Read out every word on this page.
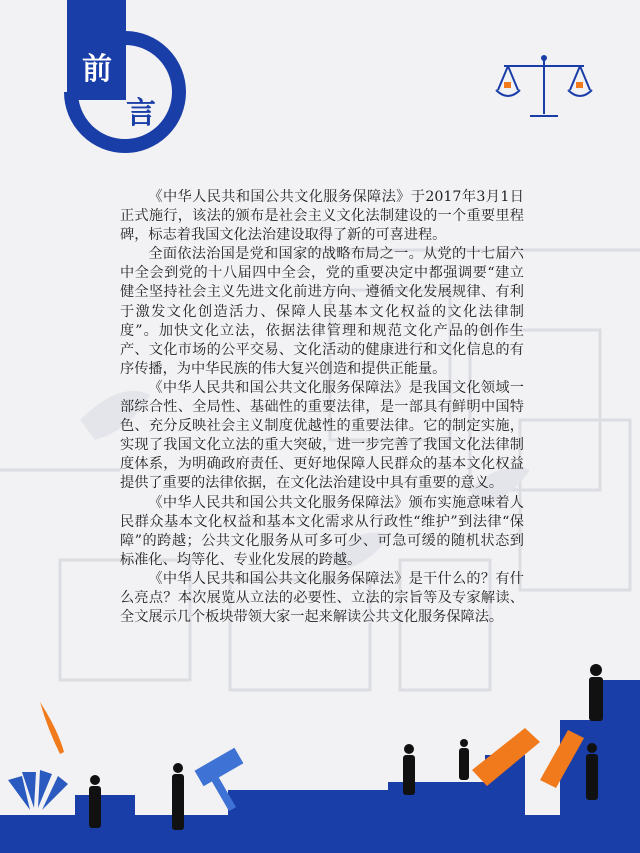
前
言

《中华人民共和国公共文化服务保障法》于2017年3月1日正式施行，该法的颁布是社会主义文化法制建设的一个重要里程碑，标志着我国文化法治建设取得了新的可喜进程。

全面依法治国是党和国家的战略布局之一。从党的十七届六中全会到党的十八届四中全会，党的重要决定中都强调要“建立健全坚持社会主义先进文化前进方向、遵循文化发展规律、有利于激发文化创造活力、保障人民基本文化权益的文化法律制度”。加快文化立法，依据法律管理和规范文化产品的创作生产、文化市场的公平交易、文化活动的健康进行和文化信息的有序传播，为中华民族的伟大复兴创造和提供正能量。

《中华人民共和国公共文化服务保障法》是我国文化领域一部综合性、全局性、基础性的重要法律，是一部具有鲜明中国特色、充分反映社会主义制度优越性的重要法律。它的制定实施，实现了我国文化立法的重大突破，进一步完善了我国文化法律制度体系，为明确政府责任、更好地保障人民群众的基本文化权益提供了重要的法律依据，在文化法治建设中具有重要的意义。

《中华人民共和国公共文化服务保障法》颁布实施意味着人民群众基本文化权益和基本文化需求从行政性“维护”到法律“保障”的跨越；公共文化服务从可多可少、可急可缓的随机状态到标准化、均等化、专业化发展的跨越。

《中华人民共和国公共文化服务保障法》是干什么的？有什么亮点？本次展览从立法的必要性、立法的宗旨等及专家解读、全文展示几个板块带领大家一起来解读公共文化服务保障法。
